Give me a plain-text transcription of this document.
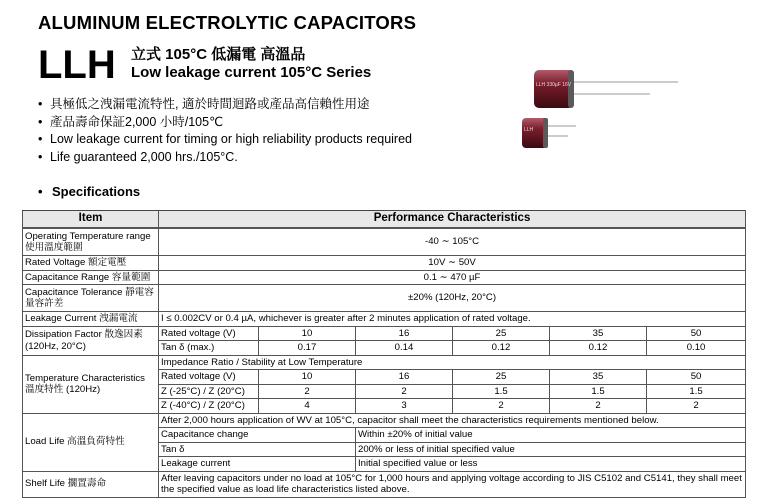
ALUMINUM ELECTROLYTIC CAPACITORS
LLH 立式 105°C 低漏電 高溫品
Low leakage current 105°C Series
LLH 330µF 16V
LLH
• 具極低之洩漏電流特性, 適於時間迴路或產品高信賴性用途
• 產品壽命保証2,000 小時/105℃
• Low leakage current for timing or high reliability products required
• Life guaranteed 2,000 hrs./105°C.
• Specifications
Item	Performance Characteristics					
Operating Temperature range 使用溫度範圍	-40 ∼ 105°C					
Rated Voltage 額定電壓	10V ∼ 50V					
Capacitance Range 容量範圍	0.1 ∼ 470 µF					
Capacitance Tolerance 靜電容量容許差	±20% (120Hz, 20°C)					
Leakage Current 洩漏電流	I ≤ 0.002CV or 0.4 µA, whichever is greater after 2 minutes application of rated voltage.					
Dissipation Factor 散逸因素 (120Hz, 20°C)	Rated voltage (V)	10	16	25	35	50
	Tan δ (max.)	0.17	0.14	0.12	0.12	0.10
Temperature Characteristics 溫度特性 (120Hz)	Impedance Ratio / Stability at Low Temperature					
	Rated voltage (V)	10	16	25	35	50
	Z (-25°C) / Z (20°C)	2	2	1.5	1.5	1.5
	Z (-40°C) / Z (20°C)	4	3	2	2	2
Load Life 高溫負荷特性	After 2,000 hours application of WV at 105°C, capacitor shall meet the characteristics requirements mentioned below.					
	Capacitance change		Within ±20% of initial value			
	Tan δ		200% or less of initial specified value			
	Leakage current		Initial specified value or less			
Shelf Life 擱置壽命	After leaving capacitors under no load at 105°C for 1,000 hours and applying voltage according to JIS C5102 and C5141, they shall meet the specified value as load life characteristics listed above.					
